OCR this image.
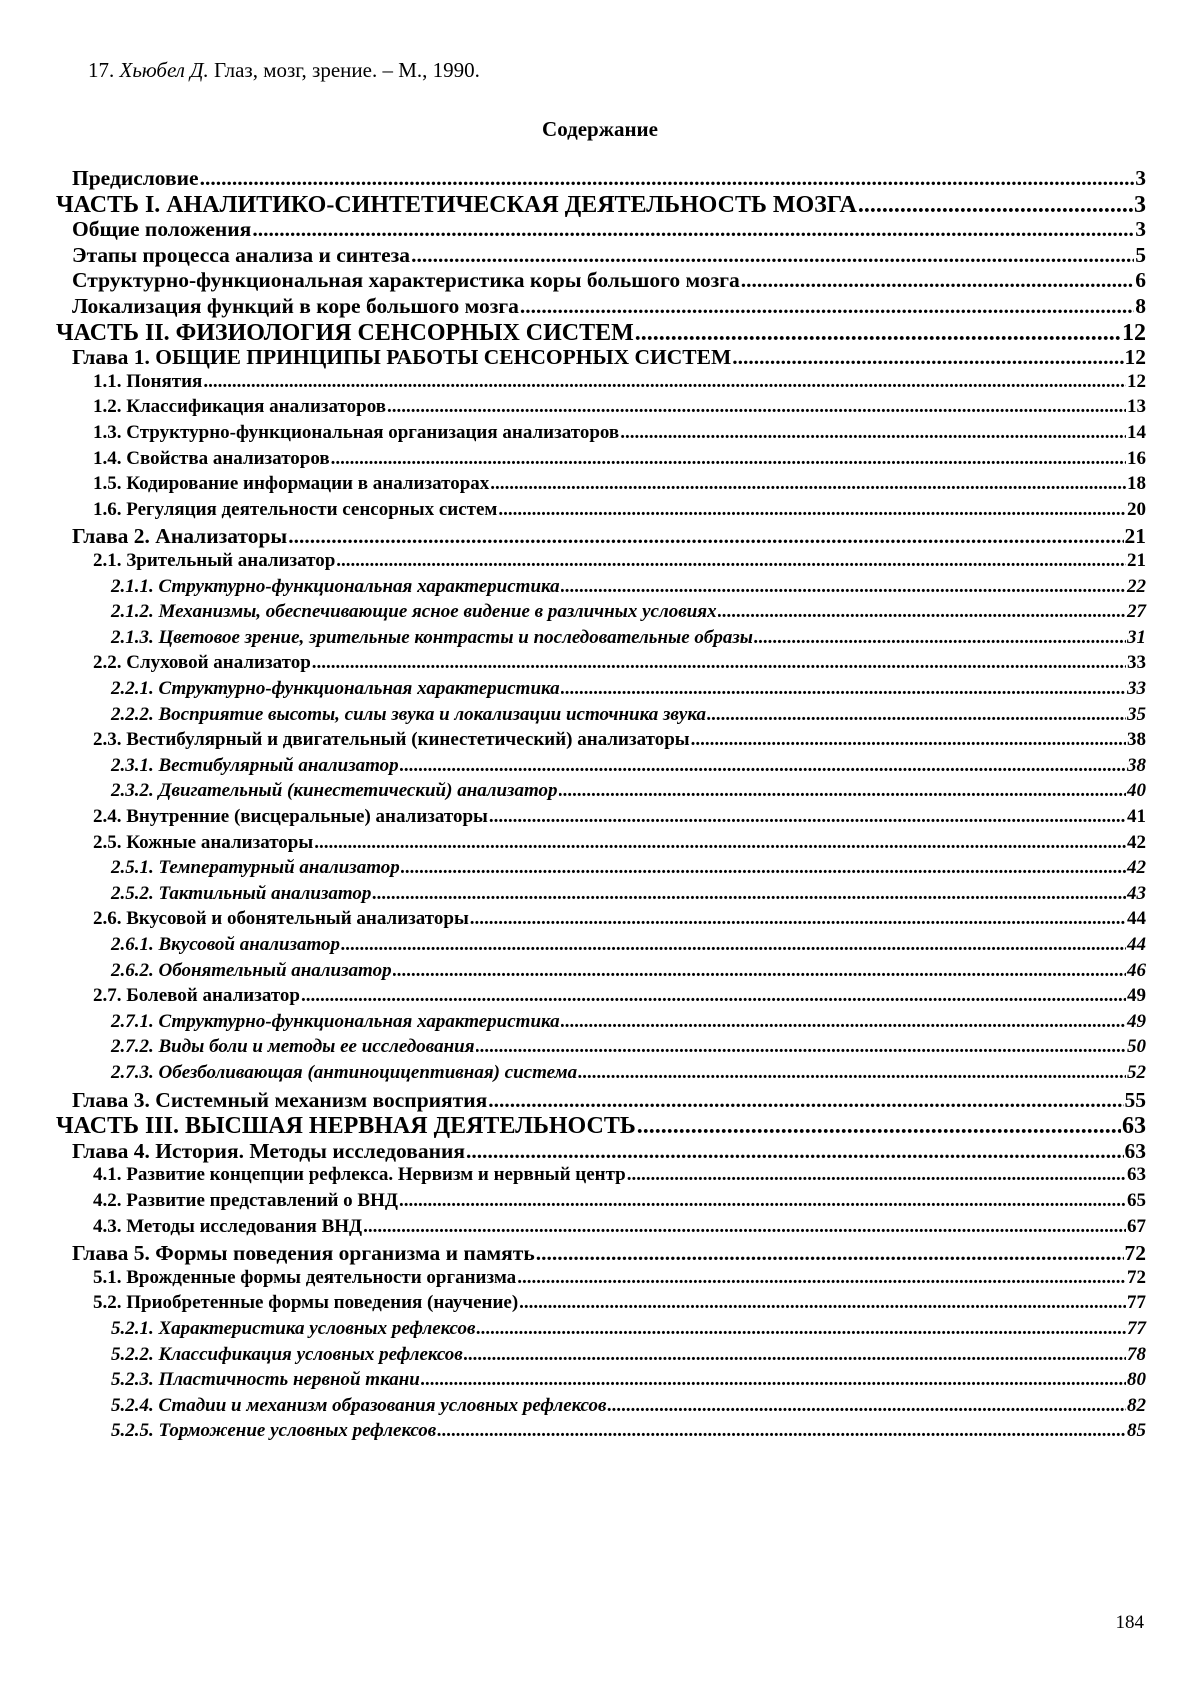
17. Хьюбел Д. Глаз, мозг, зрение. – М., 1990.
Содержание
Предисловие .....	3
ЧАСТЬ I. АНАЛИТИКО-СИНТЕТИЧЕСКАЯ ДЕЯТЕЛЬНОСТЬ МОЗГА .....	3
Общие положения .....	3
Этапы процесса анализа и синтеза .....	5
Структурно-функциональная характеристика коры большого мозга .....	6
Локализация функций в коре большого мозга .....	8
ЧАСТЬ II. ФИЗИОЛОГИЯ СЕНСОРНЫХ СИСТЕМ .....	12
Глава 1. ОБЩИЕ ПРИНЦИПЫ РАБОТЫ СЕНСОРНЫХ СИСТЕМ .....	12
1.1. Понятия .....	12
1.2. Классификация анализаторов .....	13
1.3. Структурно-функциональная организация анализаторов .....	14
1.4. Свойства анализаторов .....	16
1.5. Кодирование информации в анализаторах .....	18
1.6. Регуляция деятельности сенсорных систем .....	20
Глава 2. Анализаторы .....	21
2.1. Зрительный анализатор .....	21
2.1.1. Структурно-функциональная характеристика .....	22
2.1.2. Механизмы, обеспечивающие ясное видение в различных условиях .....	27
2.1.3. Цветовое зрение, зрительные контрасты и последовательные образы .....	31
2.2. Слуховой анализатор .....	33
2.2.1. Структурно-функциональная характеристика .....	33
2.2.2. Восприятие высоты, силы звука и локализации источника звука .....	35
2.3. Вестибулярный и двигательный (кинестетический) анализаторы .....	38
2.3.1. Вестибулярный анализатор .....	38
2.3.2. Двигательный (кинестетический) анализатор .....	40
2.4. Внутренние (висцеральные) анализаторы .....	41
2.5. Кожные анализаторы .....	42
2.5.1. Температурный анализатор .....	42
2.5.2. Тактильный анализатор .....	43
2.6. Вкусовой и обонятельный анализаторы .....	44
2.6.1. Вкусовой анализатор .....	44
2.6.2. Обонятельный анализатор .....	46
2.7. Болевой анализатор .....	49
2.7.1. Структурно-функциональная характеристика .....	49
2.7.2. Виды боли и методы ее исследования .....	50
2.7.3. Обезболивающая (антиноцицептивная) система .....	52
Глава 3. Системный механизм восприятия .....	55
ЧАСТЬ III. ВЫСШАЯ НЕРВНАЯ ДЕЯТЕЛЬНОСТЬ .....	63
Глава 4. История. Методы исследования .....	63
4.1. Развитие концепции рефлекса. Нервизм и нервный центр .....	63
4.2. Развитие представлений о ВНД .....	65
4.3. Методы исследования ВНД .....	67
Глава 5. Формы поведения организма и память .....	72
5.1. Врожденные формы деятельности организма .....	72
5.2. Приобретенные формы поведения (научение) .....	77
5.2.1. Характеристика условных рефлексов .....	77
5.2.2. Классификация условных рефлексов .....	78
5.2.3. Пластичность нервной ткани .....	80
5.2.4. Стадии и механизм образования условных рефлексов .....	82
5.2.5. Торможение условных рефлексов .....	85
184
